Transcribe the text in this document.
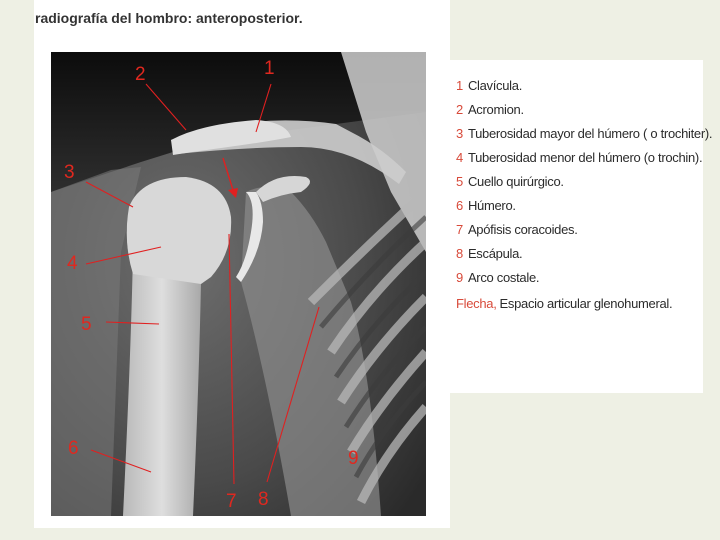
radiografía del hombro: anteroposterior.
2	1
3
4
5
6
7 8
9
1 Clavícula.
2 Acromion.
3 Tuberosidad mayor del húmero ( o trochiter).
4 Tuberosidad menor del húmero (o trochin).
5 Cuello quirúrgico.
6 Húmero.
7 Apófisis coracoides.
8 Escápula.
9 Arco costale.
Flecha, Espacio articular glenohumeral.
